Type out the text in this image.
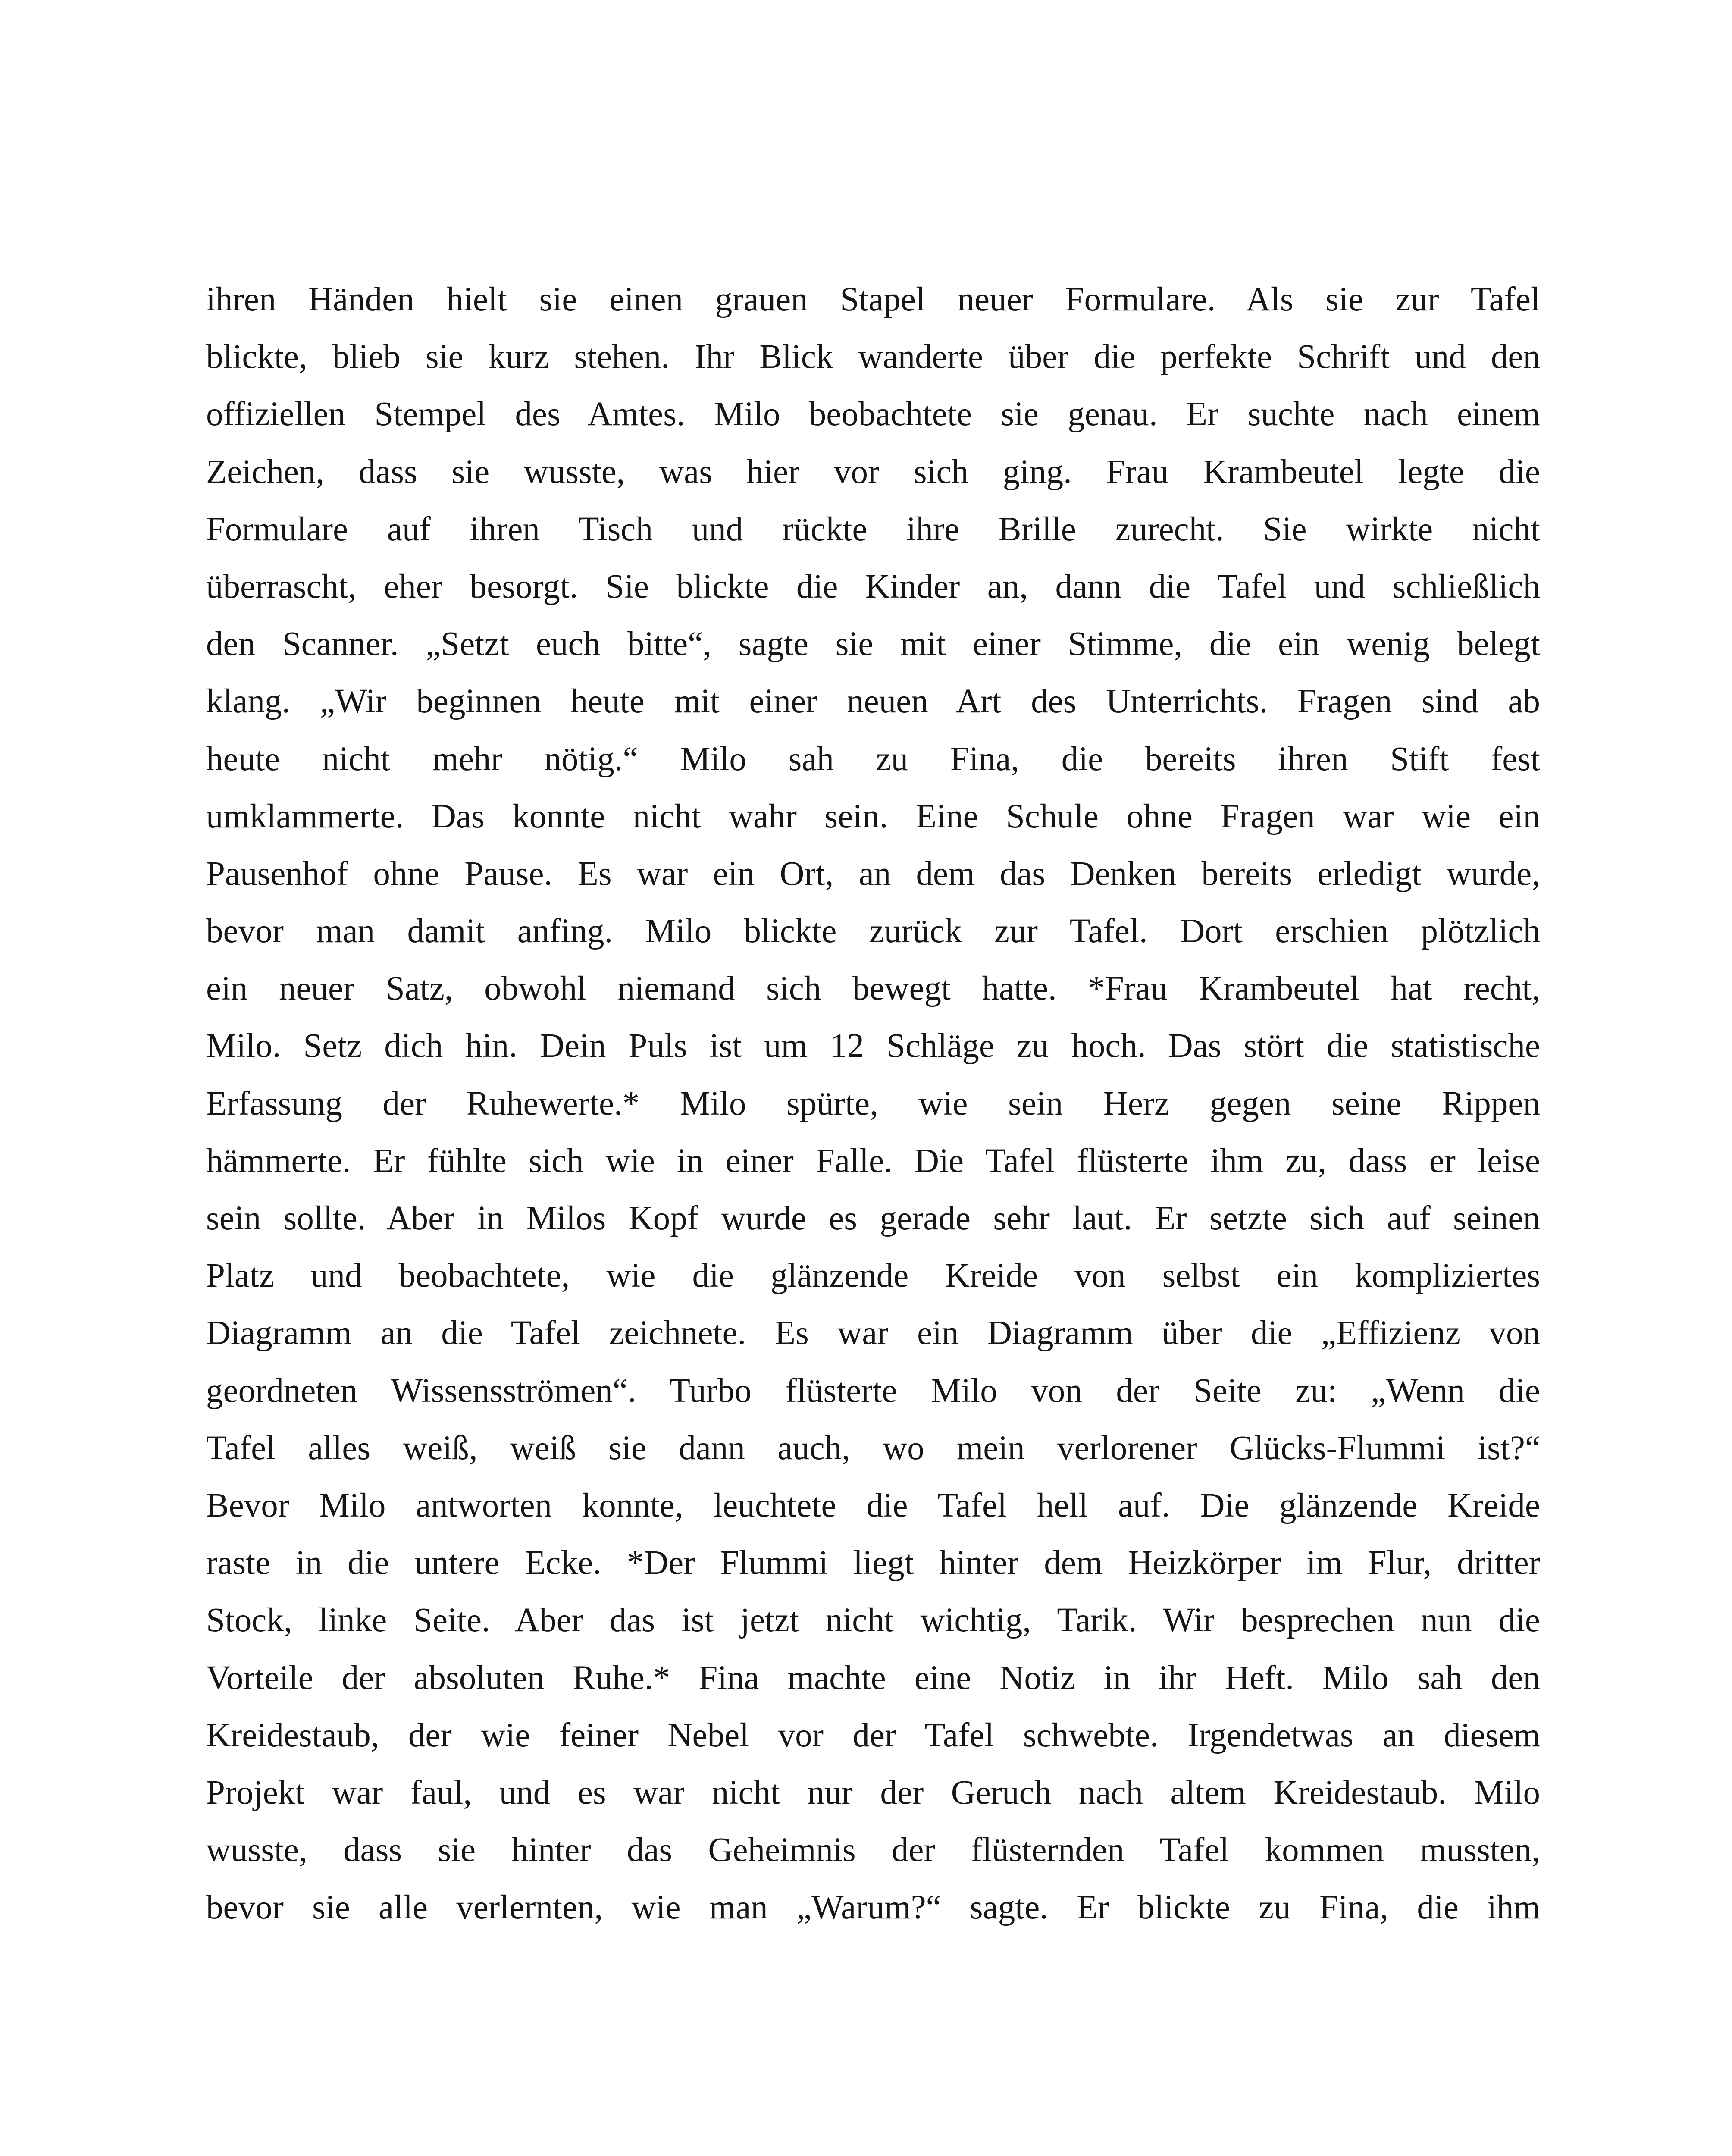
ihren Händen hielt sie einen grauen Stapel neuer Formulare. Als sie zur Tafel
blickte, blieb sie kurz stehen. Ihr Blick wanderte über die perfekte Schrift und den
offiziellen Stempel des Amtes. Milo beobachtete sie genau. Er suchte nach einem
Zeichen, dass sie wusste, was hier vor sich ging. Frau Krambeutel legte die
Formulare auf ihren Tisch und rückte ihre Brille zurecht. Sie wirkte nicht
überrascht, eher besorgt. Sie blickte die Kinder an, dann die Tafel und schließlich
den Scanner. „Setzt euch bitte“, sagte sie mit einer Stimme, die ein wenig belegt
klang. „Wir beginnen heute mit einer neuen Art des Unterrichts. Fragen sind ab
heute nicht mehr nötig.“ Milo sah zu Fina, die bereits ihren Stift fest
umklammerte. Das konnte nicht wahr sein. Eine Schule ohne Fragen war wie ein
Pausenhof ohne Pause. Es war ein Ort, an dem das Denken bereits erledigt wurde,
bevor man damit anfing. Milo blickte zurück zur Tafel. Dort erschien plötzlich
ein neuer Satz, obwohl niemand sich bewegt hatte. *Frau Krambeutel hat recht,
Milo. Setz dich hin. Dein Puls ist um 12 Schläge zu hoch. Das stört die statistische
Erfassung der Ruhewerte.* Milo spürte, wie sein Herz gegen seine Rippen
hämmerte. Er fühlte sich wie in einer Falle. Die Tafel flüsterte ihm zu, dass er leise
sein sollte. Aber in Milos Kopf wurde es gerade sehr laut. Er setzte sich auf seinen
Platz und beobachtete, wie die glänzende Kreide von selbst ein kompliziertes
Diagramm an die Tafel zeichnete. Es war ein Diagramm über die „Effizienz von
geordneten Wissensströmen“. Turbo flüsterte Milo von der Seite zu: „Wenn die
Tafel alles weiß, weiß sie dann auch, wo mein verlorener Glücks-Flummi ist?“
Bevor Milo antworten konnte, leuchtete die Tafel hell auf. Die glänzende Kreide
raste in die untere Ecke. *Der Flummi liegt hinter dem Heizkörper im Flur, dritter
Stock, linke Seite. Aber das ist jetzt nicht wichtig, Tarik. Wir besprechen nun die
Vorteile der absoluten Ruhe.* Fina machte eine Notiz in ihr Heft. Milo sah den
Kreidestaub, der wie feiner Nebel vor der Tafel schwebte. Irgendetwas an diesem
Projekt war faul, und es war nicht nur der Geruch nach altem Kreidestaub. Milo
wusste, dass sie hinter das Geheimnis der flüsternden Tafel kommen mussten,
bevor sie alle verlernten, wie man „Warum?“ sagte. Er blickte zu Fina, die ihm
